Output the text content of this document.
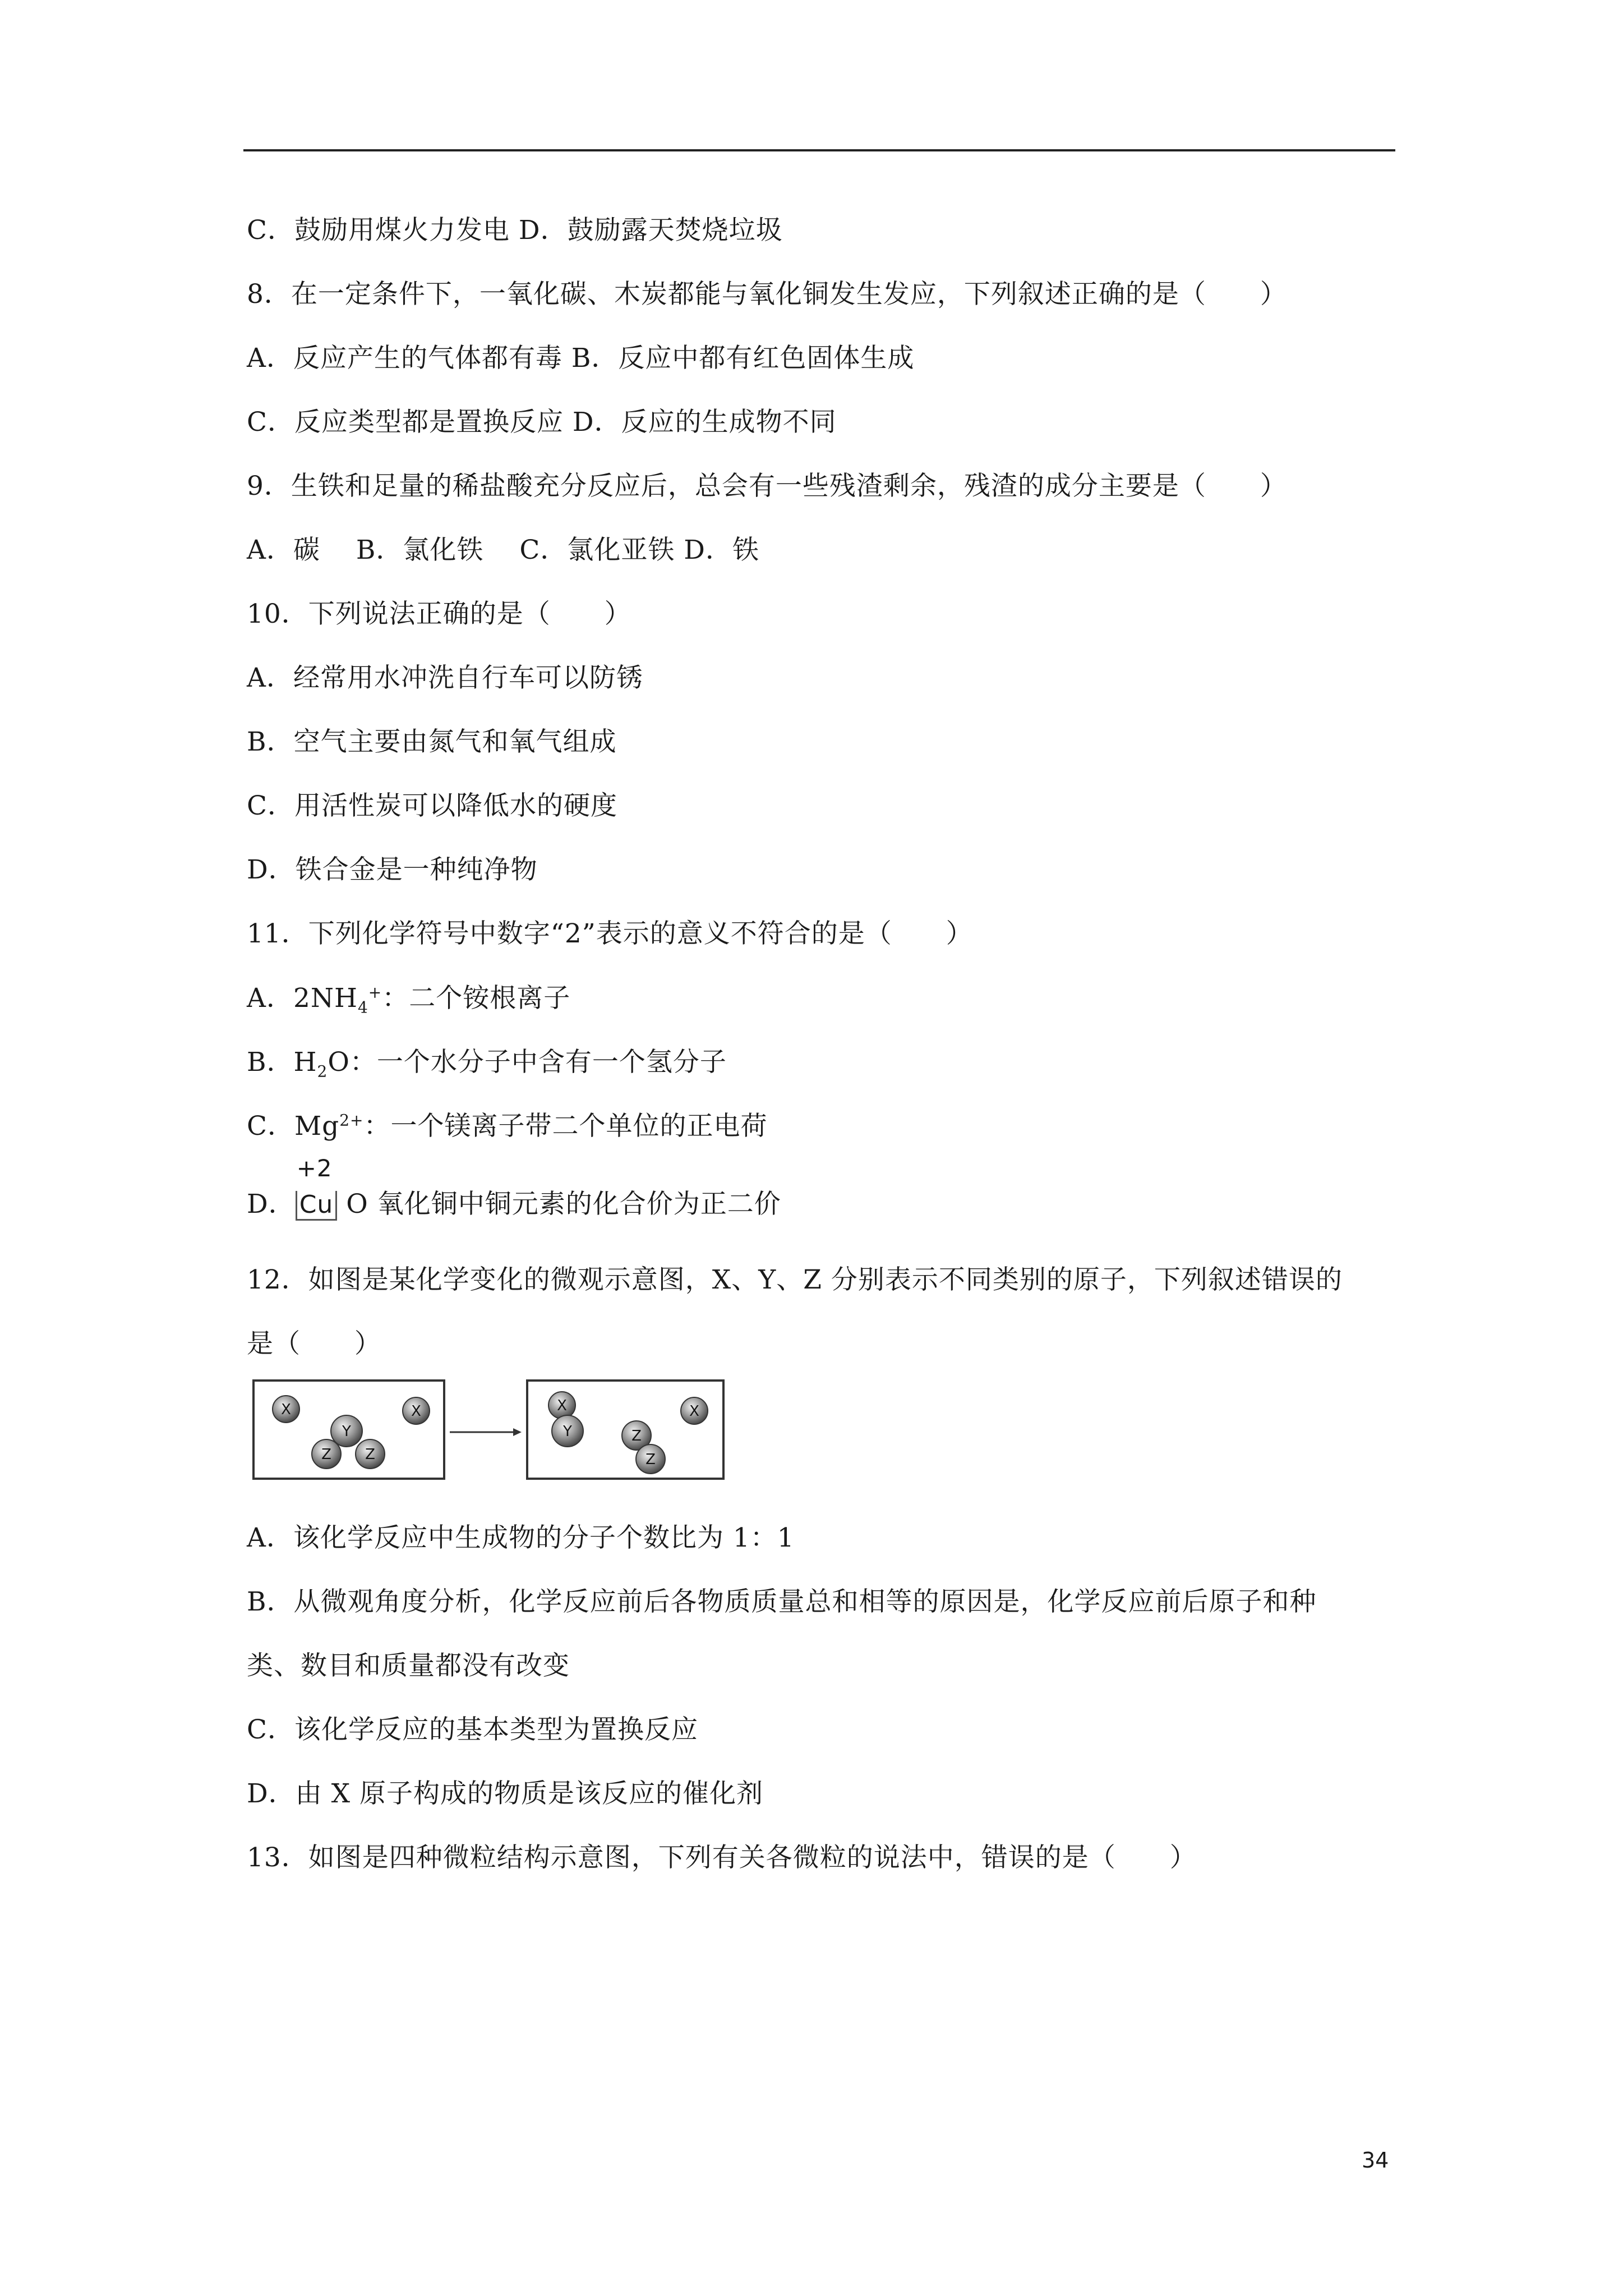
C．鼓励用煤火力发电 D．鼓励露天焚烧垃圾
8．在一定条件下，一氧化碳、木炭都能与氧化铜发生发应，下列叙述正确的是（　　）
A．反应产生的气体都有毒 B．反应中都有红色固体生成
C．反应类型都是置换反应 D．反应的生成物不同
9．生铁和足量的稀盐酸充分反应后，总会有一些残渣剩余，残渣的成分主要是（　　）
A．碳　 B．氯化铁　 C．氯化亚铁 D．铁
10．下列说法正确的是（　　）
A．经常用水冲洗自行车可以防锈
B．空气主要由氮气和氧气组成
C．用活性炭可以降低水的硬度
D．铁合金是一种纯净物
11．下列化学符号中数字“2”表示的意义不符合的是（　　）
A．$2NH_4^+$：二个铵根离子
B．$H_2O$：一个水分子中含有一个氢分子
C．$Mg^{2+}$：一个镁离子带二个单位的正电荷
D．
+2
Cu O 氧化铜中铜元素的化合价为正二价
12．如图是某化学变化的微观示意图，X、Y、Z 分别表示不同类别的原子，下列叙述错误的
是（　　）
X	X
Z Z
Y
X
Y
X
Z
Z
A．该化学反应中生成物的分子个数比为 1：1
B．从微观角度分析，化学反应前后各物质质量总和相等的原因是，化学反应前后原子和种
类、数目和质量都没有改变
C．该化学反应的基本类型为置换反应
D．由 X 原子构成的物质是该反应的催化剂
13．如图是四种微粒结构示意图，下列有关各微粒的说法中，错误的是（　　）
34
